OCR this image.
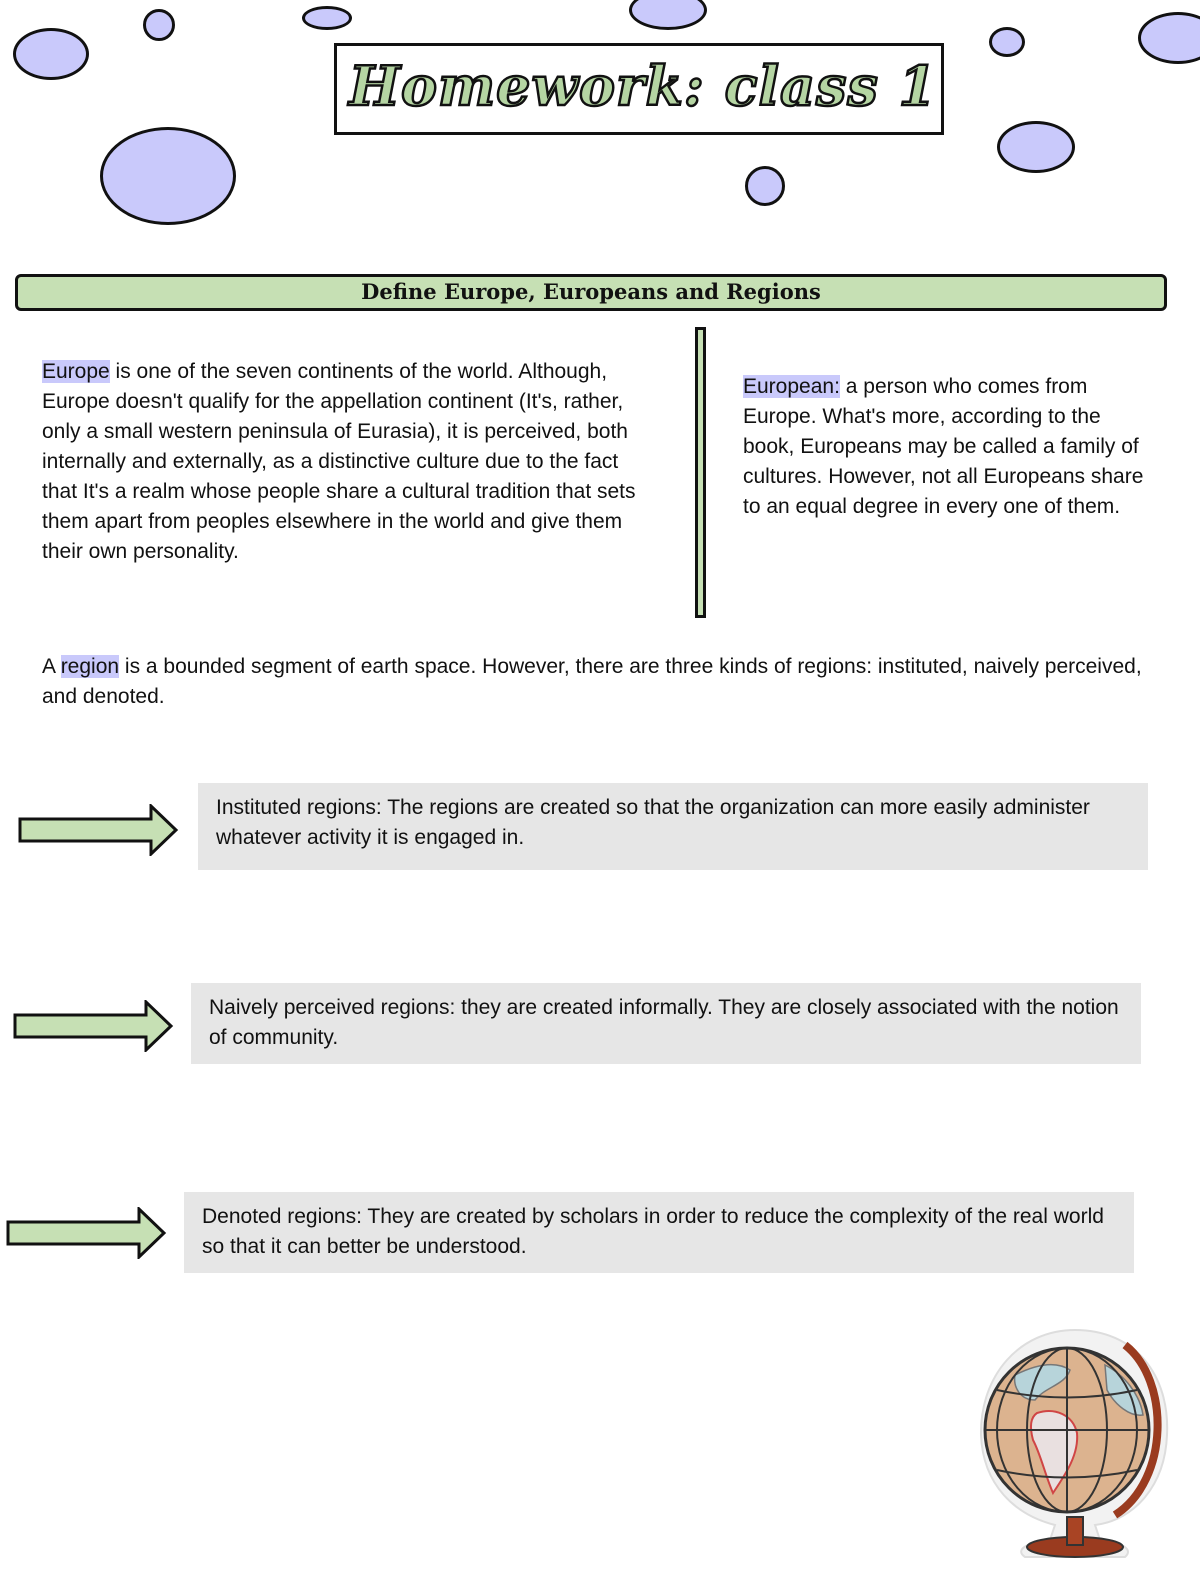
Homework: class 1
Define Europe, Europeans and Regions

Europe is one of the seven continents of the world. Although, Europe doesn't qualify for the appellation continent (It's, rather, only a small western peninsula of Eurasia), it is perceived, both internally and externally, as a distinctive culture due to the fact that It's a realm whose people share a cultural tradition that sets them apart from peoples elsewhere in the world and give them their own personality.

European: a person who comes from Europe. What's more, according to the book, Europeans may be called a family of cultures. However, not all Europeans share to an equal degree in every one of them.

A region is a bounded segment of earth space. However, there are three kinds of regions: instituted, naively perceived, and denoted.

Instituted regions: The regions are created so that the organization can more easily administer whatever activity it is engaged in.
Naively perceived regions: they are created informally. They are closely associated with the notion of community.
Denoted regions: They are created by scholars in order to reduce the complexity of the real world so that it can better be understood.
